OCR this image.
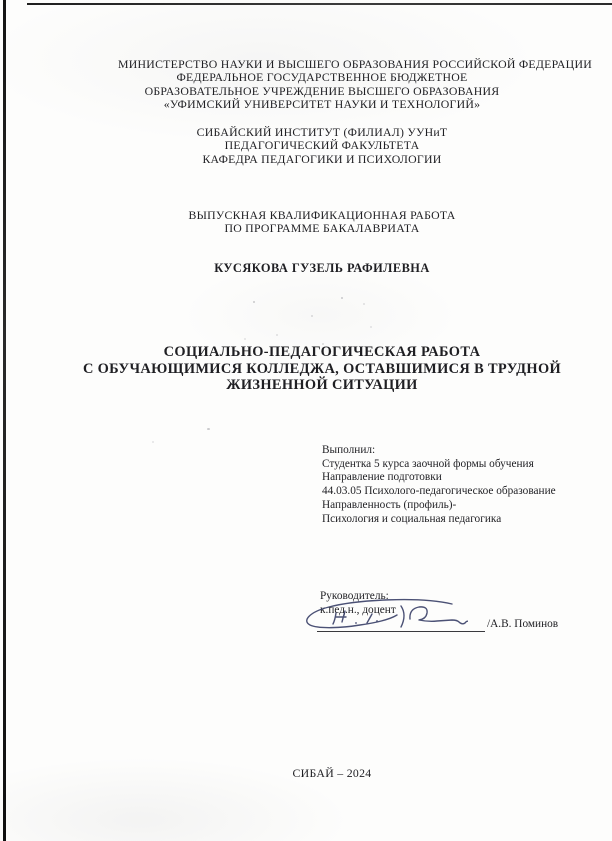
МИНИСТЕРСТВО НАУКИ И ВЫСШЕГО ОБРАЗОВАНИЯ РОССИЙСКОЙ ФЕДЕРАЦИИ
ФЕДЕРАЛЬНОЕ ГОСУДАРСТВЕННОЕ БЮДЖЕТНОЕ
ОБРАЗОВАТЕЛЬНОЕ УЧРЕЖДЕНИЕ ВЫСШЕГО ОБРАЗОВАНИЯ
«УФИМСКИЙ УНИВЕРСИТЕТ НАУКИ И ТЕХНОЛОГИЙ»
СИБАЙСКИЙ ИНСТИТУТ (ФИЛИАЛ) УУНиТ
ПЕДАГОГИЧЕСКИЙ ФАКУЛЬТЕТА
КАФЕДРА ПЕДАГОГИКИ И ПСИХОЛОГИИ
ВЫПУСКНАЯ КВАЛИФИКАЦИОННАЯ РАБОТА
ПО ПРОГРАММЕ БАКАЛАВРИАТА
КУСЯКОВА ГУЗЕЛЬ РАФИЛЕВНА
СОЦИАЛЬНО-ПЕДАГОГИЧЕСКАЯ РАБОТА
С ОБУЧАЮЩИМИСЯ КОЛЛЕДЖА, ОСТАВШИМИСЯ В ТРУДНОЙ
ЖИЗНЕННОЙ СИТУАЦИИ
Выполнил:
Студентка 5 курса заочной формы обучения
Направление подготовки
44.03.05 Психолого-педагогическое образование
Направленность (профиль)-
Психология и социальная педагогика
Руководитель:
к.пед.н., доцент
/А.В. Поминов
СИБАЙ – 2024
